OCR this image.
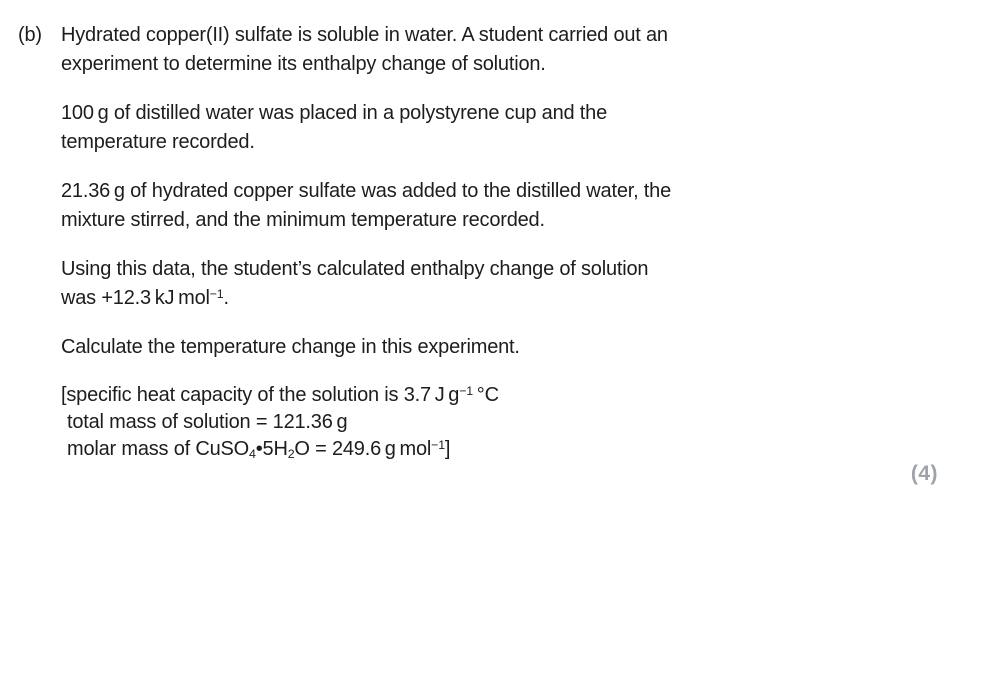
(b) Hydrated copper(II) sulfate is soluble in water. A student carried out an
experiment to determine its enthalpy change of solution.

100 g of distilled water was placed in a polystyrene cup and the
temperature recorded.

21.36 g of hydrated copper sulfate was added to the distilled water, the
mixture stirred, and the minimum temperature recorded.

Using this data, the student’s calculated enthalpy change of solution
was +12.3 kJ mol$^{-1}$.

Calculate the temperature change in this experiment.

[specific heat capacity of the solution is 3.7 J $g^{-1}$ °C
total mass of solution = 121.36 g
molar mass of $CuSO_4•5H_2O = 249.6$ g mol$^{-1}$]

(4)
